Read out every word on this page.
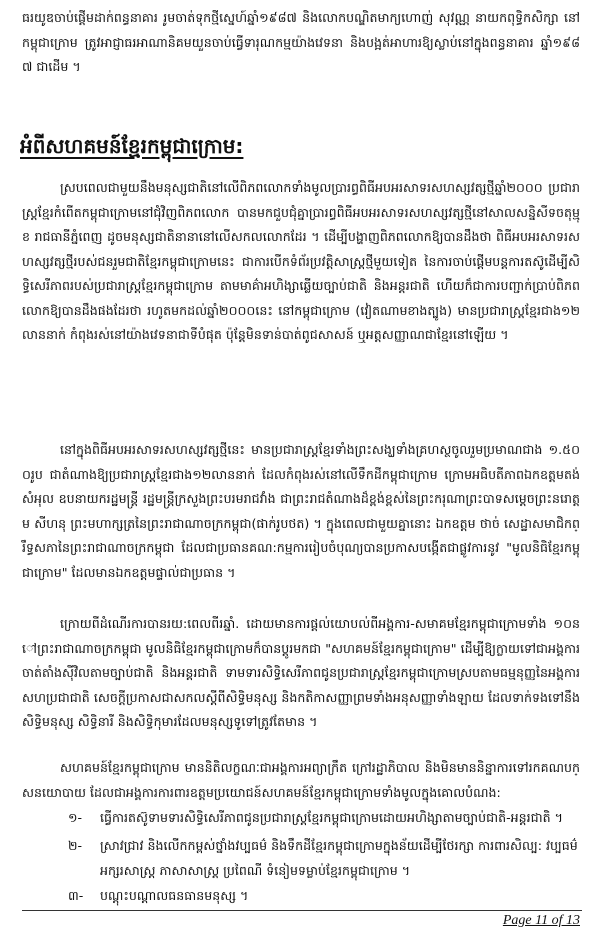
ធរយូឌចាប់ផ្តើមដាក់ពន្ធនាគារ រូមចាត់ទុកថ្មីស្នេហ៍ឆ្នាំ១៩៨៧ និងលោកបណ្ឌិតមាក្យហោញ់ សុវណ្ណ នាយកពុទ្ធិកសិក្សា នៅកម្ពុជាក្រោម ត្រូវអាជ្ញាធរអាណានិគមយួនចាប់ធ្វើទារុណកម្មយ៉ាងវេទនា និងបង្អត់អាហារឱ្យស្លាប់នៅក្នុងពន្ធនាគារ ឆ្នាំ១៩៨៧ ជាដើម ។

អំពីសហគមន៍ខ្មែរកម្ពុជាក្រោម:

ស្របពេលជាមួយនឹងមនុស្សជាតិនៅលើពិភពលោកទាំងមូលប្រារព្ធពិធីអបអរសាទរសហស្សវត្សថ្មីឆ្នាំ២០០០ ប្រជារាស្ត្រខ្មែរកំពើតកម្ពុជាក្រោមនៅជុំវិញពិភពលោក បានមកជួបជុំគ្នាប្រារព្ធពិធីអបអរសាទរសហស្សវត្សថ្មីនៅសាលសន្និសីទចតុម្មុខ រាជធានីភ្នំពេញ ដូចមនុស្សជាតិនានានៅលើសកលលោកដែរ ។ ដើម្បីបង្ហាញពិភពលោកឱ្យបានដឹងថា ពិធីអបអរសាទរសហស្សវត្សថ្មីរបស់ជនរួមជាតិខ្មែរកម្ពុជាក្រោមនេះ ជាការបើកទំព័រប្រវត្តិសាស្ត្រថ្មីមួយទៀត នៃការចាប់ផ្តើមបន្តការតស៊ូដើម្បីសិទ្ធិសេរីភាពរបស់ប្រជារាស្ត្រខ្មែរកម្ពុជាក្រោម តាមមាគ៌ាអហិង្សាឆ្លើយច្បាប់ជាតិ និងអន្តរជាតិ ហើយក៏ជាការបញ្ជាក់ប្រាប់ពិភពលោកឱ្យបានដឹងផងដែរថា រហូតមកដល់ឆ្នាំ២០០០នេះ នៅកម្ពុជាក្រោម (វៀតណាមខាងត្បូង) មានប្រជារាស្ត្រខ្មែរជាង១២លាននាក់ កំពុងរស់នៅយ៉ាងវេទនាជាទីបំផុត ប៉ុន្តែមិនទាន់បាត់ពូជសាសន៍ ឬអត្តសញ្ញាណជាខ្មែរនៅឡើយ ។

នៅក្នុងពិធីអបអរសាទរសហស្សវត្សថ្មីនេះ មានប្រជារាស្ត្រខ្មែរទាំងព្រះសង្ឃទាំងគ្រហស្ថចូលរួមប្រមាណជាង ១.៥០០រូប ជាតំណាងឱ្យប្រជារាស្ត្រខ្មែរជាង១២លាននាក់ ដែលកំពុងរស់នៅលើទឹកដីកម្ពុជាក្រោម ក្រោមអធិបតីភាពឯកឧត្តមតង់ សំអុល ឧបនាយករដ្ឋមន្ត្រី រដ្ឋមន្ត្រីក្រសួងព្រះបរមរាជវាំង ជាព្រះរាជតំណាងដ៏ខ្ពង់ខ្ពស់នៃព្រះករុណាព្រះបាទសម្តេចព្រះនរោត្តម សីហនុ ព្រះមហាក្សត្រនៃព្រះរាជាណាចក្រកម្ពុជា(ផាក់រូបថត) ។ ក្នុងពេលជាមួយគ្នានោះ ឯកឧត្តម ថាច់ សេដ្ឋាសមាជិកព្រឹទ្ធសភានៃព្រះរាជាណាចក្រកម្ពុជា ដែលជាប្រធានគណ:កម្មការរៀបចំបុណ្យបានប្រកាសបង្កើតជាផ្លូវការនូវ "មូលនិធិខ្មែរកម្ពុជាក្រោម" ដែលមានឯកឧត្តមផ្ទាល់ជាប្រធាន ។

ក្រោយពីដំណើរការបានរយ:ពេលពីរឆ្នាំ. ដោយមានការផ្តល់យោបល់ពីអង្គការ-សមាគមខ្មែរកម្ពុជាក្រោមទាំង ១០នៅព្រះរាជាណាចក្រកម្ពុជា មូលនិធិខ្មែរកម្ពុជាក្រោមក៏បានប្តូរមកជា "សហគមន៍ខ្មែរកម្ពុជាក្រោម" ដើម្បីឱ្យក្លាយទៅជាអង្គការចាត់តាំងស៊ីវិលតាមច្បាប់ជាតិ និងអន្តរជាតិ ទាមទារសិទ្ធិសេរីភាពជូនប្រជារាស្ត្រខ្មែរកម្ពុជាក្រោមស្របតាមធម្មនុញ្ញនៃអង្គការសហប្រជាជាតិ សេចក្តីប្រកាសជាសកលស្តីពីសិទ្ធិមនុស្ស និងកតិកាសញ្ញាព្រមទាំងអនុសញ្ញាទាំងឡាយ ដែលទាក់ទងទៅនឹងសិទ្ធិមនុស្ស សិទ្ធិនារី និងសិទ្ធិកុមារដែលមនុស្សទូទៅត្រូវតែមាន ។

សហគមន៍ខ្មែរកម្ពុជាក្រោម មាននិតិលក្ខណៈជាអង្គការអព្យាក្រឹត ក្រៅរដ្ឋាភិបាល និងមិនមាននិន្នាការទៅរកគណបក្សនយោបាយ ដែលជាអង្គការការពារឧត្តមប្រយោជន៍សហគមន៍ខ្មែរកម្ពុជាក្រោមទាំងមូលក្នុងគោលបំណង:

១- ធ្វើការតស៊ូទាមទារសិទ្ធិសេរីភាពជូនប្រជារាស្ត្រខ្មែរកម្ពុជាក្រោមដោយអហិង្សាតាមច្បាប់ជាតិ-អន្តរជាតិ ។
២- ស្រាវជ្រាវ និងលើកកម្ពស់ថ្នាំងវប្បធម៌ និងទឹកដីខ្មែរកម្ពុជាក្រោមក្នុងន័យដើម្បីថែរក្សា ការពារសិល្ប: វប្បធម៌ អក្សរសាស្ត្រ ភាសាសាស្ត្រ ប្រពៃណី ទំនៀមទម្លាប់ខ្មែរកម្ពុជាក្រោម ។
៣- បណ្តុះបណ្តាលធនធានមនុស្ស ។
Page 11 of 13
